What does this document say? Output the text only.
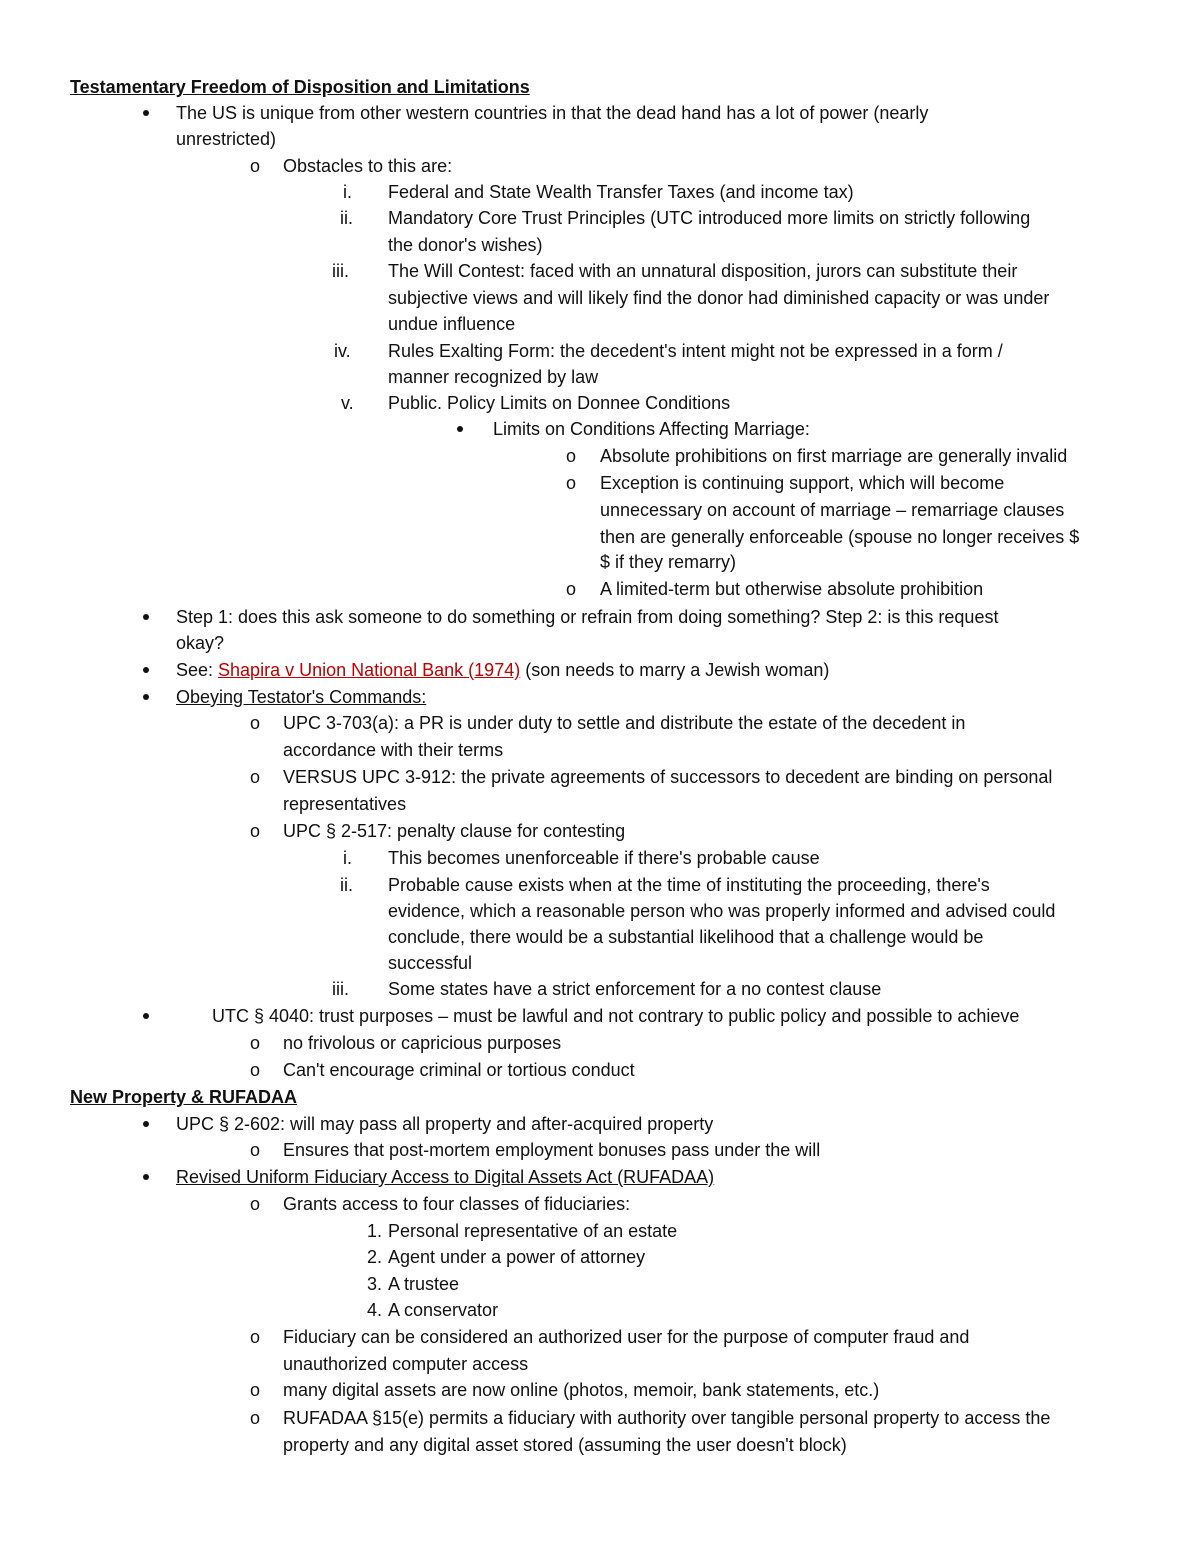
Testamentary Freedom of Disposition and Limitations
The US is unique from other western countries in that the dead hand has a lot of power (nearly
unrestricted)
o Obstacles to this are:
i. Federal and State Wealth Transfer Taxes (and income tax)
ii. Mandatory Core Trust Principles (UTC introduced more limits on strictly following
the donor's wishes)
iii. The Will Contest: faced with an unnatural disposition, jurors can substitute their
subjective views and will likely find the donor had diminished capacity or was under
undue influence
iv. Rules Exalting Form: the decedent's intent might not be expressed in a form /
manner recognized by law
v. Public. Policy Limits on Donnee Conditions
Limits on Conditions Affecting Marriage:
o Absolute prohibitions on first marriage are generally invalid
o Exception is continuing support, which will become
unnecessary on account of marriage – remarriage clauses
then are generally enforceable (spouse no longer receives $
$ if they remarry)
o A limited-term but otherwise absolute prohibition
Step 1: does this ask someone to do something or refrain from doing something? Step 2: is this request
okay?
See: Shapira v Union National Bank (1974) (son needs to marry a Jewish woman)
Obeying Testator's Commands:
o UPC 3-703(a): a PR is under duty to settle and distribute the estate of the decedent in
accordance with their terms
o VERSUS UPC 3-912: the private agreements of successors to decedent are binding on personal
representatives
o UPC § 2-517: penalty clause for contesting
i. This becomes unenforceable if there's probable cause
ii. Probable cause exists when at the time of instituting the proceeding, there's
evidence, which a reasonable person who was properly informed and advised could
conclude, there would be a substantial likelihood that a challenge would be
successful
iii. Some states have a strict enforcement for a no contest clause
UTC § 4040: trust purposes – must be lawful and not contrary to public policy and possible to achieve
o no frivolous or capricious purposes
o Can't encourage criminal or tortious conduct
New Property & RUFADAA
UPC § 2-602: will may pass all property and after-acquired property
o Ensures that post-mortem employment bonuses pass under the will
Revised Uniform Fiduciary Access to Digital Assets Act (RUFADAA)
o Grants access to four classes of fiduciaries:
1. Personal representative of an estate
2. Agent under a power of attorney
3. A trustee
4. A conservator
o Fiduciary can be considered an authorized user for the purpose of computer fraud and
unauthorized computer access
o many digital assets are now online (photos, memoir, bank statements, etc.)
o RUFADAA §15(e) permits a fiduciary with authority over tangible personal property to access the
property and any digital asset stored (assuming the user doesn't block)
